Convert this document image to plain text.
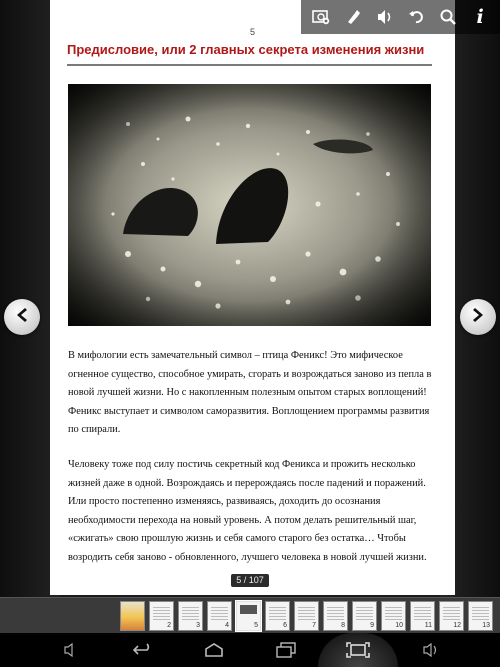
5
Предисловие, или 2 главных секрета изменения жизни

В мифологии есть замечательный символ – птица Феникс! Это мифическое огненное существо, способное умирать, сгорать и возрождаться заново из пепла в новой лучшей жизни. Но с накопленным полезным опытом старых воплощений! Феникс выступает и символом саморазвития. Воплощением программы развития по спирали.

Человеку тоже под силу постичь секретный код Феникса и прожить несколько жизней даже в одной. Возрождаясь и перерождаясь после падений и поражений. Или просто постепенно изменяясь, развиваясь, доходить до осознания необходимости перехода на новый уровень. А потом делать решительный шаг, «сжигать» свою прошлую жизнь и себя самого старого без остатка… Чтобы возродить себя заново - обновленного, лучшего человека в новой лучшей жизни.

5 / 107
i
2	3	4	5	6	7	8	9	10	11	12	13
